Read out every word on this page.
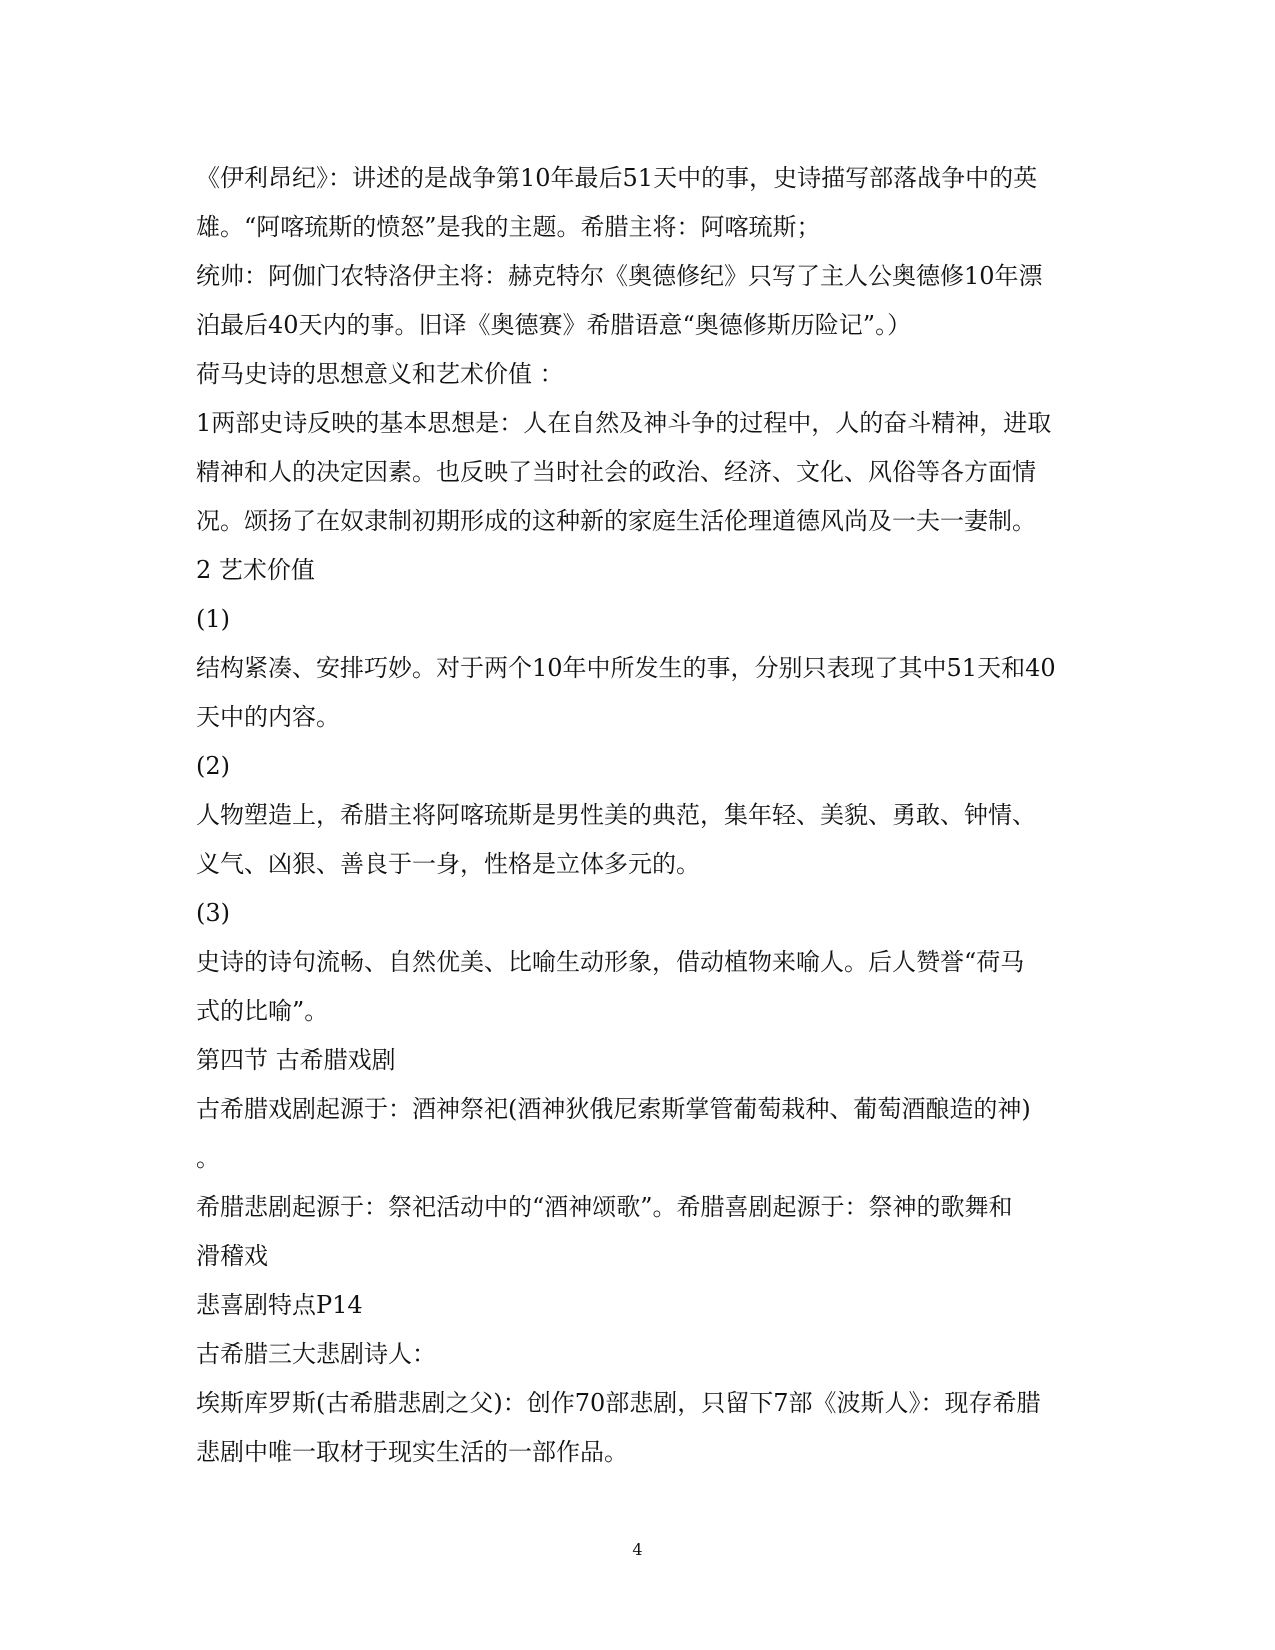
《伊利昂纪》：讲述的是战争第10年最后51天中的事，史诗描写部落战争中的英
雄。“阿喀琉斯的愤怒”是我的主题。希腊主将：阿喀琉斯；
统帅：阿伽门农特洛伊主将：赫克特尔《奥德修纪》只写了主人公奥德修10年漂
泊最后40天内的事。旧译《奥德赛》希腊语意“奥德修斯历险记”。）
荷马史诗的思想意义和艺术价值 ：
1两部史诗反映的基本思想是：人在自然及神斗争的过程中，人的奋斗精神，进取
精神和人的决定因素。也反映了当时社会的政治、经济、文化、风俗等各方面情
况。颂扬了在奴隶制初期形成的这种新的家庭生活伦理道德风尚及一夫一妻制。
2 艺术价值
(1)
结构紧凑、安排巧妙。对于两个10年中所发生的事，分别只表现了其中51天和40
天中的内容。
(2)
人物塑造上，希腊主将阿喀琉斯是男性美的典范，集年轻、美貌、勇敢、钟情、
义气、凶狠、善良于一身，性格是立体多元的。
(3)
史诗的诗句流畅、自然优美、比喻生动形象，借动植物来喻人。后人赞誉“荷马
式的比喻”。
第四节 古希腊戏剧
古希腊戏剧起源于：酒神祭祀(酒神狄俄尼索斯掌管葡萄栽种、葡萄酒酿造的神)
。
希腊悲剧起源于：祭祀活动中的“酒神颂歌”。希腊喜剧起源于：祭神的歌舞和
滑稽戏
悲喜剧特点P14
古希腊三大悲剧诗人：
埃斯库罗斯(古希腊悲剧之父)：创作70部悲剧，只留下7部《波斯人》：现存希腊
悲剧中唯一取材于现实生活的一部作品。
4
